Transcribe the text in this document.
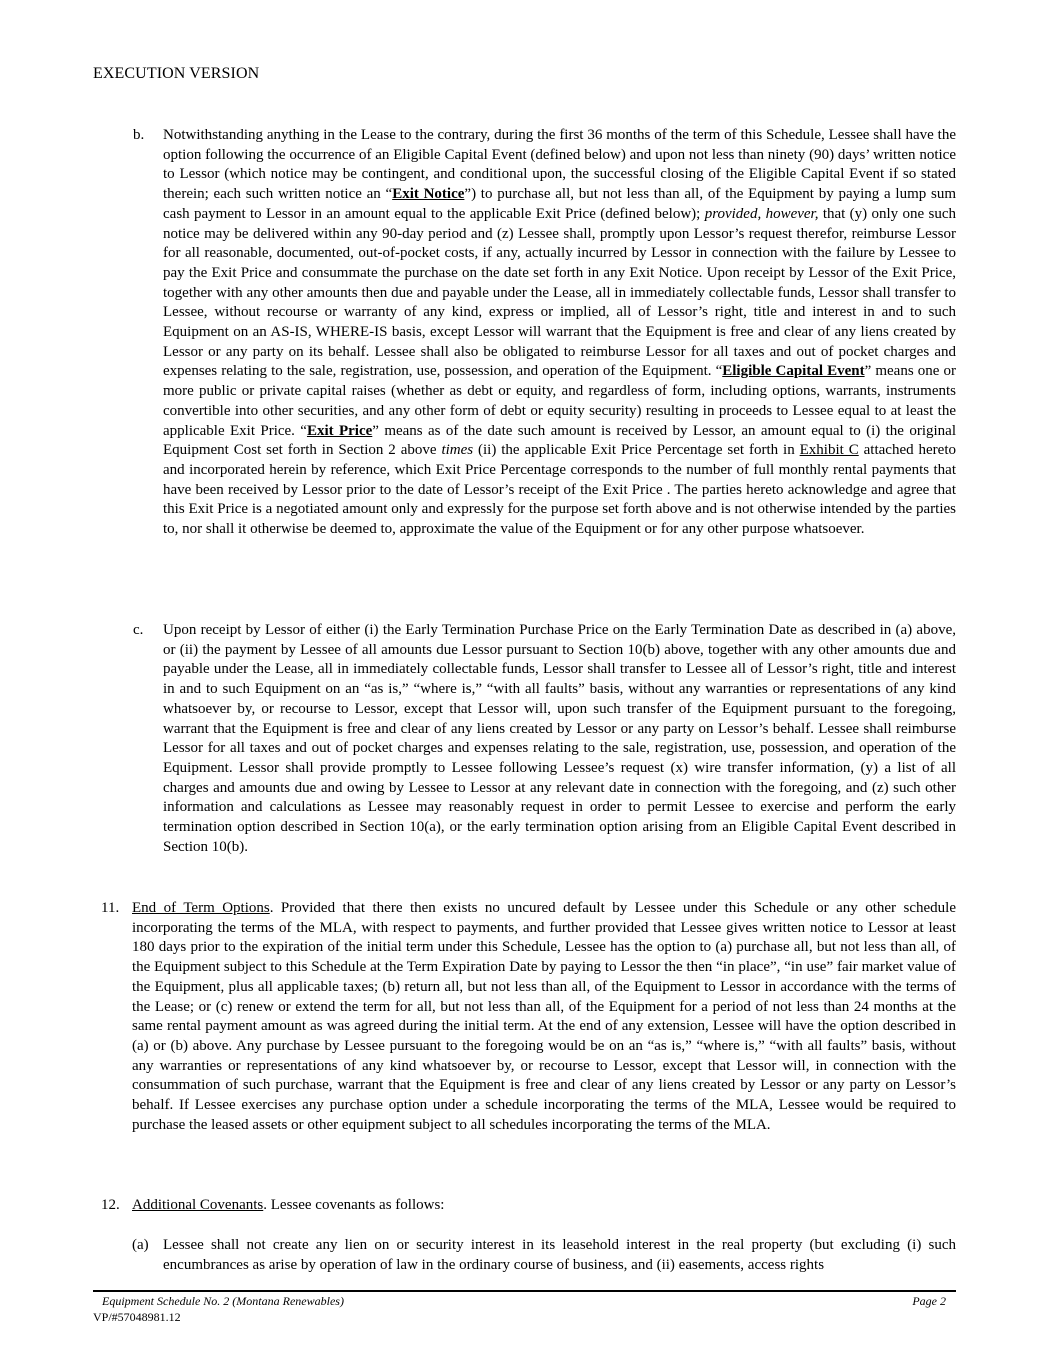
EXECUTION VERSION
b. Notwithstanding anything in the Lease to the contrary, during the first 36 months of the term of this Schedule, Lessee shall have the option following the occurrence of an Eligible Capital Event (defined below) and upon not less than ninety (90) days’ written notice to Lessor (which notice may be contingent, and conditional upon, the successful closing of the Eligible Capital Event if so stated therein; each such written notice an “Exit Notice”) to purchase all, but not less than all, of the Equipment by paying a lump sum cash payment to Lessor in an amount equal to the applicable Exit Price (defined below); provided, however, that (y) only one such notice may be delivered within any 90-day period and (z) Lessee shall, promptly upon Lessor’s request therefor, reimburse Lessor for all reasonable, documented, out-of-pocket costs, if any, actually incurred by Lessor in connection with the failure by Lessee to pay the Exit Price and consummate the purchase on the date set forth in any Exit Notice. Upon receipt by Lessor of the Exit Price, together with any other amounts then due and payable under the Lease, all in immediately collectable funds, Lessor shall transfer to Lessee, without recourse or warranty of any kind, express or implied, all of Lessor’s right, title and interest in and to such Equipment on an AS-IS, WHERE-IS basis, except Lessor will warrant that the Equipment is free and clear of any liens created by Lessor or any party on its behalf. Lessee shall also be obligated to reimburse Lessor for all taxes and out of pocket charges and expenses relating to the sale, registration, use, possession, and operation of the Equipment. “Eligible Capital Event” means one or more public or private capital raises (whether as debt or equity, and regardless of form, including options, warrants, instruments convertible into other securities, and any other form of debt or equity security) resulting in proceeds to Lessee equal to at least the applicable Exit Price. “Exit Price” means as of the date such amount is received by Lessor, an amount equal to (i) the original Equipment Cost set forth in Section 2 above times (ii) the applicable Exit Price Percentage set forth in Exhibit C attached hereto and incorporated herein by reference, which Exit Price Percentage corresponds to the number of full monthly rental payments that have been received by Lessor prior to the date of Lessor’s receipt of the Exit Price . The parties hereto acknowledge and agree that this Exit Price is a negotiated amount only and expressly for the purpose set forth above and is not otherwise intended by the parties to, nor shall it otherwise be deemed to, approximate the value of the Equipment or for any other purpose whatsoever.
c. Upon receipt by Lessor of either (i) the Early Termination Purchase Price on the Early Termination Date as described in (a) above, or (ii) the payment by Lessee of all amounts due Lessor pursuant to Section 10(b) above, together with any other amounts due and payable under the Lease, all in immediately collectable funds, Lessor shall transfer to Lessee all of Lessor’s right, title and interest in and to such Equipment on an “as is,” “where is,” “with all faults” basis, without any warranties or representations of any kind whatsoever by, or recourse to Lessor, except that Lessor will, upon such transfer of the Equipment pursuant to the foregoing, warrant that the Equipment is free and clear of any liens created by Lessor or any party on Lessor’s behalf. Lessee shall reimburse Lessor for all taxes and out of pocket charges and expenses relating to the sale, registration, use, possession, and operation of the Equipment. Lessor shall provide promptly to Lessee following Lessee’s request (x) wire transfer information, (y) a list of all charges and amounts due and owing by Lessee to Lessor at any relevant date in connection with the foregoing, and (z) such other information and calculations as Lessee may reasonably request in order to permit Lessee to exercise and perform the early termination option described in Section 10(a), or the early termination option arising from an Eligible Capital Event described in Section 10(b).
11. End of Term Options. Provided that there then exists no uncured default by Lessee under this Schedule or any other schedule incorporating the terms of the MLA, with respect to payments, and further provided that Lessee gives written notice to Lessor at least 180 days prior to the expiration of the initial term under this Schedule, Lessee has the option to (a) purchase all, but not less than all, of the Equipment subject to this Schedule at the Term Expiration Date by paying to Lessor the then “in place”, “in use” fair market value of the Equipment, plus all applicable taxes; (b) return all, but not less than all, of the Equipment to Lessor in accordance with the terms of the Lease; or (c) renew or extend the term for all, but not less than all, of the Equipment for a period of not less than 24 months at the same rental payment amount as was agreed during the initial term. At the end of any extension, Lessee will have the option described in (a) or (b) above. Any purchase by Lessee pursuant to the foregoing would be on an “as is,” “where is,” “with all faults” basis, without any warranties or representations of any kind whatsoever by, or recourse to Lessor, except that Lessor will, in connection with the consummation of such purchase, warrant that the Equipment is free and clear of any liens created by Lessor or any party on Lessor’s behalf. If Lessee exercises any purchase option under a schedule incorporating the terms of the MLA, Lessee would be required to purchase the leased assets or other equipment subject to all schedules incorporating the terms of the MLA.
12. Additional Covenants. Lessee covenants as follows:
(a) Lessee shall not create any lien on or security interest in its leasehold interest in the real property (but excluding (i) such encumbrances as arise by operation of law in the ordinary course of business, and (ii) easements, access rights
Equipment Schedule No. 2 (Montana Renewables)	Page 2
VP/#57048981.12
